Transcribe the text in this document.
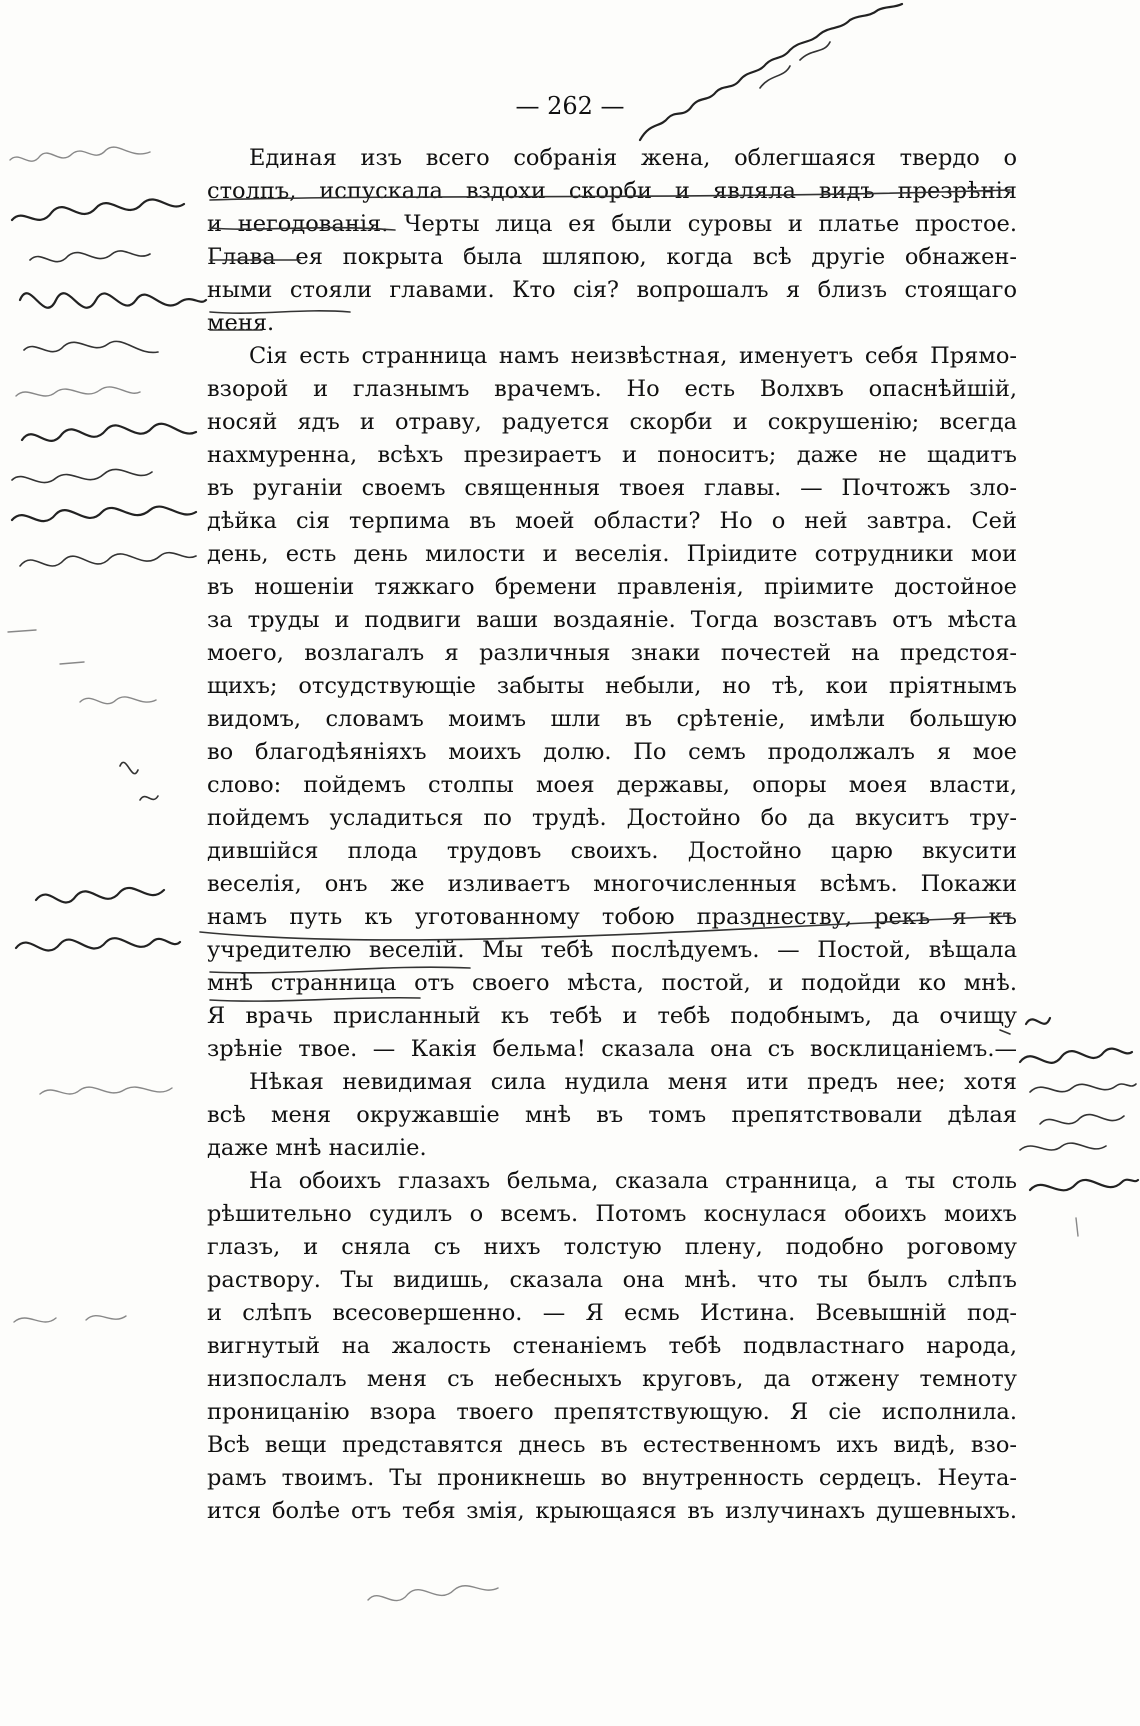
— 262 —
Единая изъ всего собранія жена, облегшаяся твердо о
столпъ, испускала вздохи скорби и являла видъ презрѣнія
и негодованія. Черты лица ея были суровы и платье простое.
Глава ея покрыта была шляпою, когда всѣ другіе обнажен-
ными стояли главами. Кто сія? вопрошалъ я близъ стоящаго
меня.
Сія есть странница намъ неизвѣстная, именуетъ себя Прямо-
взорой и глазнымъ врачемъ. Но есть Волхвъ опаснѣйшій,
носяй ядъ и отраву, радуется скорби и сокрушенію; всегда
нахмуренна, всѣхъ презираетъ и поноситъ; даже не щадитъ
въ руганіи своемъ священныя твоея главы. — Почтожъ зло-
дѣйка сія терпима въ моей области? Но о ней завтра. Сей
день, есть день милости и веселія. Пріидите сотрудники мои
въ ношеніи тяжкаго бремени правленія, пріимите достойное
за труды и подвиги ваши воздаяніе. Тогда возставъ отъ мѣста
моего, возлагалъ я различныя знаки почестей на предстоя-
щихъ; отсудствующіе забыты небыли, но тѣ, кои пріятнымъ
видомъ, словамъ моимъ шли въ срѣтеніе, имѣли большую
во благодѣяніяхъ моихъ долю. По семъ продолжалъ я мое
слово: пойдемъ столпы моея державы, опоры моея власти,
пойдемъ усладиться по трудѣ. Достойно бо да вкуситъ тру-
дившійся плода трудовъ своихъ. Достойно царю вкусити
веселія, онъ же изливаетъ многочисленныя всѣмъ. Покажи
намъ путь къ уготованному тобою празднеству, рекъ я къ
учредителю веселій. Мы тебѣ послѣдуемъ. — Постой, вѣщала
мнѣ странница отъ своего мѣста, постой, и подойди ко мнѣ.
Я врачь присланный къ тебѣ и тебѣ подобнымъ, да очищу
зрѣніе твое. — Какія бельма! сказала она съ восклицаніемъ.—
Нѣкая невидимая сила нудила меня ити предъ нее; хотя
всѣ меня окружавшіе мнѣ въ томъ препятствовали дѣлая
даже мнѣ насиліе.
На обоихъ глазахъ бельма, сказала странница, а ты столь
рѣшительно судилъ о всемъ. Потомъ коснулася обоихъ моихъ
глазъ, и сняла съ нихъ толстую плену, подобно роговому
раствору. Ты видишь, сказала она мнѣ. что ты былъ слѣпъ
и слѣпъ всесовершенно. — Я есмь Истина. Всевышній под-
вигнутый на жалость стенаніемъ тебѣ подвластнаго народа,
низпослалъ меня съ небесныхъ круговъ, да отжену темноту
проницанію взора твоего препятствующую. Я сіе исполнила.
Всѣ вещи представятся днесь въ естественномъ ихъ видѣ, взо-
рамъ твоимъ. Ты проникнешь во внутренность сердецъ. Неута-
ится болѣе отъ тебя змія, крыющаяся въ излучинахъ душевныхъ.
